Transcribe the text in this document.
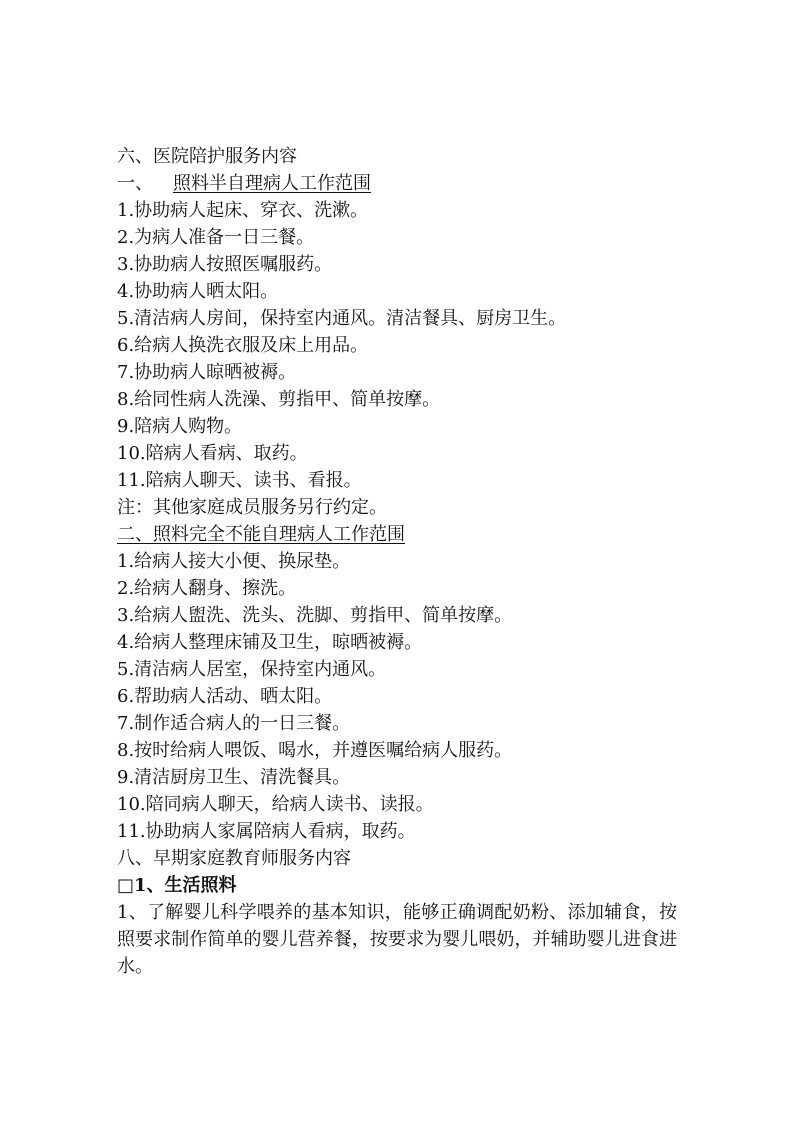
六、医院陪护服务内容
一、 照料半自理病人工作范围
1.协助病人起床、穿衣、洗漱。
2.为病人准备一日三餐。
3.协助病人按照医嘱服药。
4.协助病人晒太阳。
5.清洁病人房间，保持室内通风。清洁餐具、厨房卫生。
6.给病人换洗衣服及床上用品。
7.协助病人晾晒被褥。
8.给同性病人洗澡、剪指甲、简单按摩。
9.陪病人购物。
10.陪病人看病、取药。
11.陪病人聊天、读书、看报。
注：其他家庭成员服务另行约定。
二、照料完全不能自理病人工作范围
1.给病人接大小便、换尿垫。
2.给病人翻身、擦洗。
3.给病人盥洗、洗头、洗脚、剪指甲、简单按摩。
4.给病人整理床铺及卫生，晾晒被褥。
5.清洁病人居室，保持室内通风。
6.帮助病人活动、晒太阳。
7.制作适合病人的一日三餐。
8.按时给病人喂饭、喝水，并遵医嘱给病人服药。
9.清洁厨房卫生、清洗餐具。
10.陪同病人聊天，给病人读书、读报。
11.协助病人家属陪病人看病，取药。
八、早期家庭教育师服务内容
□1、生活照料
1、了解婴儿科学喂养的基本知识，能够正确调配奶粉、添加辅食，按照要求制作简单的婴儿营养餐，按要求为婴儿喂奶，并辅助婴儿进食进水。
